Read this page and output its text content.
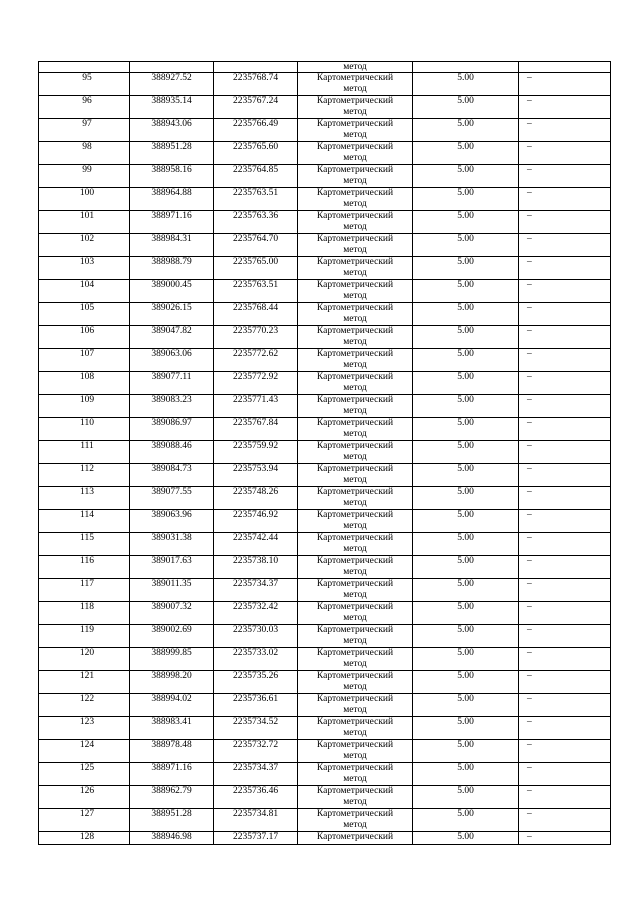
			метод		
95	388927.52	2235768.74	Картометрический
метод	5.00	–
96	388935.14	2235767.24	Картометрический
метод	5.00	–
97	388943.06	2235766.49	Картометрический
метод	5.00	–
98	388951.28	2235765.60	Картометрический
метод	5.00	–
99	388958.16	2235764.85	Картометрический
метод	5.00	–
100	388964.88	2235763.51	Картометрический
метод	5.00	–
101	388971.16	2235763.36	Картометрический
метод	5.00	–
102	388984.31	2235764.70	Картометрический
метод	5.00	–
103	388988.79	2235765.00	Картометрический
метод	5.00	–
104	389000.45	2235763.51	Картометрический
метод	5.00	–
105	389026.15	2235768.44	Картометрический
метод	5.00	–
106	389047.82	2235770.23	Картометрический
метод	5.00	–
107	389063.06	2235772.62	Картометрический
метод	5.00	–
108	389077.11	2235772.92	Картометрический
метод	5.00	–
109	389083.23	2235771.43	Картометрический
метод	5.00	–
110	389086.97	2235767.84	Картометрический
метод	5.00	–
111	389088.46	2235759.92	Картометрический
метод	5.00	–
112	389084.73	2235753.94	Картометрический
метод	5.00	–
113	389077.55	2235748.26	Картометрический
метод	5.00	–
114	389063.96	2235746.92	Картометрический
метод	5.00	–
115	389031.38	2235742.44	Картометрический
метод	5.00	–
116	389017.63	2235738.10	Картометрический
метод	5.00	–
117	389011.35	2235734.37	Картометрический
метод	5.00	–
118	389007.32	2235732.42	Картометрический
метод	5.00	–
119	389002.69	2235730.03	Картометрический
метод	5.00	–
120	388999.85	2235733.02	Картометрический
метод	5.00	–
121	388998.20	2235735.26	Картометрический
метод	5.00	–
122	388994.02	2235736.61	Картометрический
метод	5.00	–
123	388983.41	2235734.52	Картометрический
метод	5.00	–
124	388978.48	2235732.72	Картометрический
метод	5.00	–
125	388971.16	2235734.37	Картометрический
метод	5.00	–
126	388962.79	2235736.46	Картометрический
метод	5.00	–
127	388951.28	2235734.81	Картометрический
метод	5.00	–
128	388946.98	2235737.17	Картометрический	5.00	–
